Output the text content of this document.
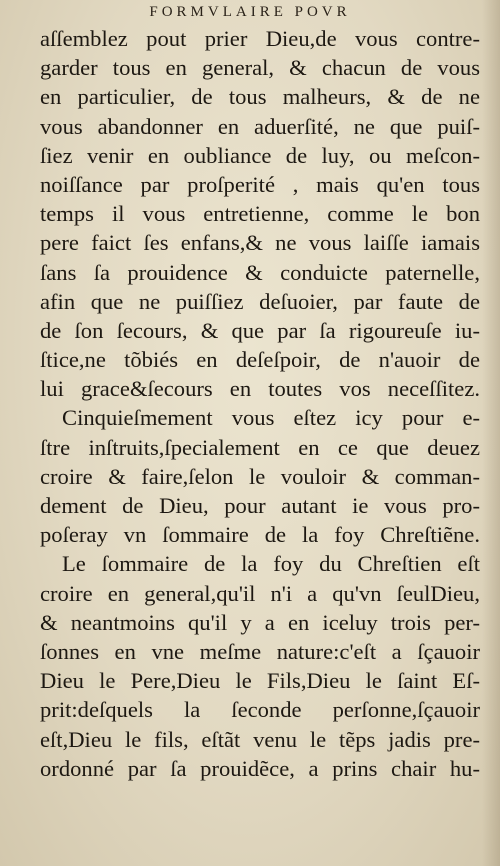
FORMVLAIRE POVR
aſſemblez pout prier Dieu,de vous contre-
garder tous en general, & chacun de vous
en particulier, de tous malheurs, & de ne
vous abandonner en aduerſité, ne que puiſ-
ſiez venir en oubliance de luy, ou meſcon-
noiſſance par proſperité , mais qu'en tous
temps il vous entretienne, comme le bon
pere faict ſes enfans,& ne vous laiſſe iamais
ſans ſa prouidence & conduicte paternelle,
afin que ne puiſſiez deſuoier, par faute de
de ſon ſecours, & que par ſa rigoureuſe iu-
ſtice,ne tõbiés en deſeſpoir, de n'auoir de
lui grace&ſecours en toutes vos neceſſitez.
Cinquieſmement vous eſtez icy pour e-
ſtre inſtruits,ſpecialement en ce que deuez
croire & faire,ſelon le vouloir & comman-
dement de Dieu, pour autant ie vous pro-
poſeray vn ſommaire de la foy Chreſtiẽne.
Le ſommaire de la foy du Chreſtien eſt
croire en general,qu'il n'i a qu'vn ſeulDieu,
& neantmoins qu'il y a en iceluy trois per-
ſonnes en vne meſme nature:c'eſt a ſçauoir
Dieu le Pere,Dieu le Fils,Dieu le ſaint Eſ-
prit:deſquels la ſeconde perſonne,ſçauoir
eſt,Dieu le fils, eſtãt venu le tẽps jadis pre-
ordonné par ſa prouidẽce, a prins chair hu-
